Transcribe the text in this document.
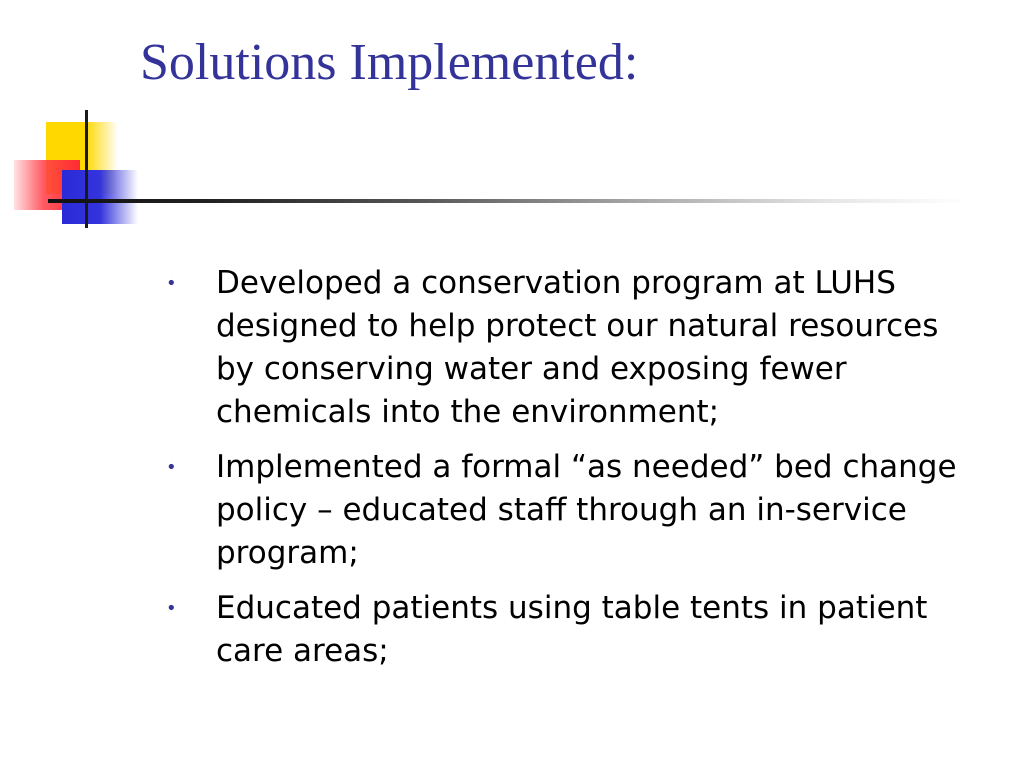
Solutions Implemented:
• Developed a conservation program at LUHS designed to help protect our natural resources by conserving water and exposing fewer chemicals into the environment;
• Implemented a formal “as needed” bed change policy – educated staff through an in-service program;
• Educated patients using table tents in patient care areas;
